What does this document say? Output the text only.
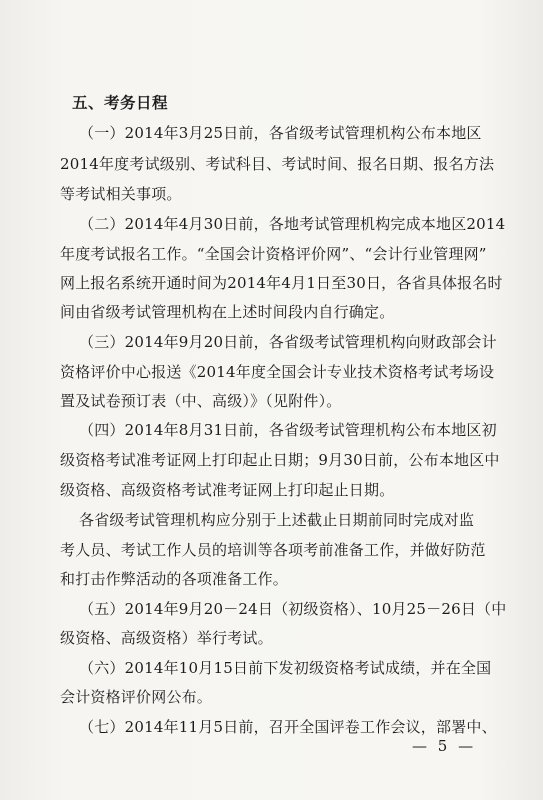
五、考务日程
（一）2014年3月25日前，各省级考试管理机构公布本地区
2014年度考试级别、考试科目、考试时间、报名日期、报名方法
等考试相关事项。
（二）2014年4月30日前，各地考试管理机构完成本地区2014
年度考试报名工作。“全国会计资格评价网”、“会计行业管理网”
网上报名系统开通时间为2014年4月1日至30日，各省具体报名时
间由省级考试管理机构在上述时间段内自行确定。
（三）2014年9月20日前，各省级考试管理机构向财政部会计
资格评价中心报送《2014年度全国会计专业技术资格考试考场设
置及试卷预订表（中、高级）》（见附件）。
（四）2014年8月31日前，各省级考试管理机构公布本地区初
级资格考试准考证网上打印起止日期；9月30日前，公布本地区中
级资格、高级资格考试准考证网上打印起止日期。
各省级考试管理机构应分别于上述截止日期前同时完成对监
考人员、考试工作人员的培训等各项考前准备工作，并做好防范
和打击作弊活动的各项准备工作。
（五）2014年9月20－24日（初级资格）、10月25－26日（中
级资格、高级资格）举行考试。
（六）2014年10月15日前下发初级资格考试成绩，并在全国
会计资格评价网公布。
（七）2014年11月5日前，召开全国评卷工作会议，部署中、
— 5 —
